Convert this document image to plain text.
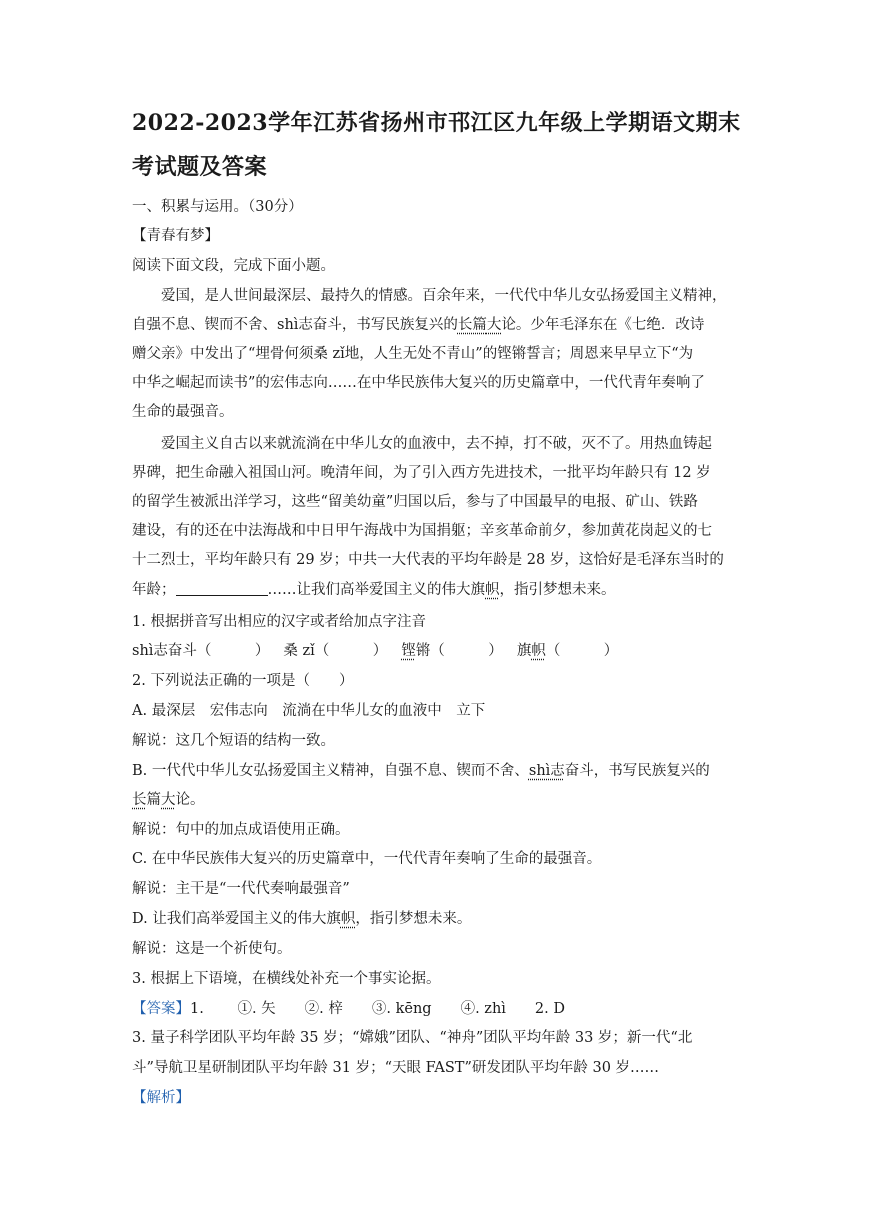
2022-2023学年江苏省扬州市邗江区九年级上学期语文期末考试题及答案
一、积累与运用。（30分）
【青春有梦】
阅读下面文段，完成下面小题。
爱国，是人世间最深层、最持久的情感。百余年来，一代代中华儿女弘扬爱国主义精神，
自强不息、锲而不舍、shì志奋斗，书写民族复兴的长篇大论。少年毛泽东在《七绝．改诗
赠父亲》中发出了“埋骨何须桑 zǐ地，人生无处不青山”的铿锵誓言；周恩来早早立下“为
中华之崛起而读书”的宏伟志向……在中华民族伟大复兴的历史篇章中，一代代青年奏响了
生命的最强音。
爱国主义自古以来就流淌在中华儿女的血液中，去不掉，打不破，灭不了。用热血铸起
界碑，把生命融入祖国山河。晚清年间，为了引入西方先进技术，一批平均年龄只有 12 岁
的留学生被派出洋学习，这些“留美幼童”归国以后，参与了中国最早的电报、矿山、铁路
建设，有的还在中法海战和中日甲午海战中为国捐躯；辛亥革命前夕，参加黄花岗起义的七
十二烈士，平均年龄只有 29 岁；中共一大代表的平均年龄是 28 岁，这恰好是毛泽东当时的
年龄；	……让我们高举爱国主义的伟大旗帜，指引梦想未来。
1. 根据拼音写出相应的汉字或者给加点字注音
shì志奋斗（　　　） 桑 zǐ（　　　） 铿锵（　　　） 旗帜（　　　）
2. 下列说法正确的一项是（　　）
A. 最深层　宏伟志向　流淌在中华儿女的血液中　立下
解说：这几个短语的结构一致。
B. 一代代中华儿女弘扬爱国主义精神，自强不息、锲而不舍、shì志奋斗，书写民族复兴的
长篇大论。
解说：句中的加点成语使用正确。
C. 在中华民族伟大复兴的历史篇章中，一代代青年奏响了生命的最强音。
解说：主干是“一代代奏响最强音”
D. 让我们高举爱国主义的伟大旗帜，指引梦想未来。
解说：这是一个祈使句。
3. 根据上下语境，在横线处补充一个事实论据。
【答案】1.　　 ①. 矢　　②. 梓　　③. kēng　　④. zhì　　2. D
3. 量子科学团队平均年龄 35 岁；“嫦娥”团队、“神舟”团队平均年龄 33 岁；新一代“北
斗”导航卫星研制团队平均年龄 31 岁；“天眼 FAST”研发团队平均年龄 30 岁……
【解析】
